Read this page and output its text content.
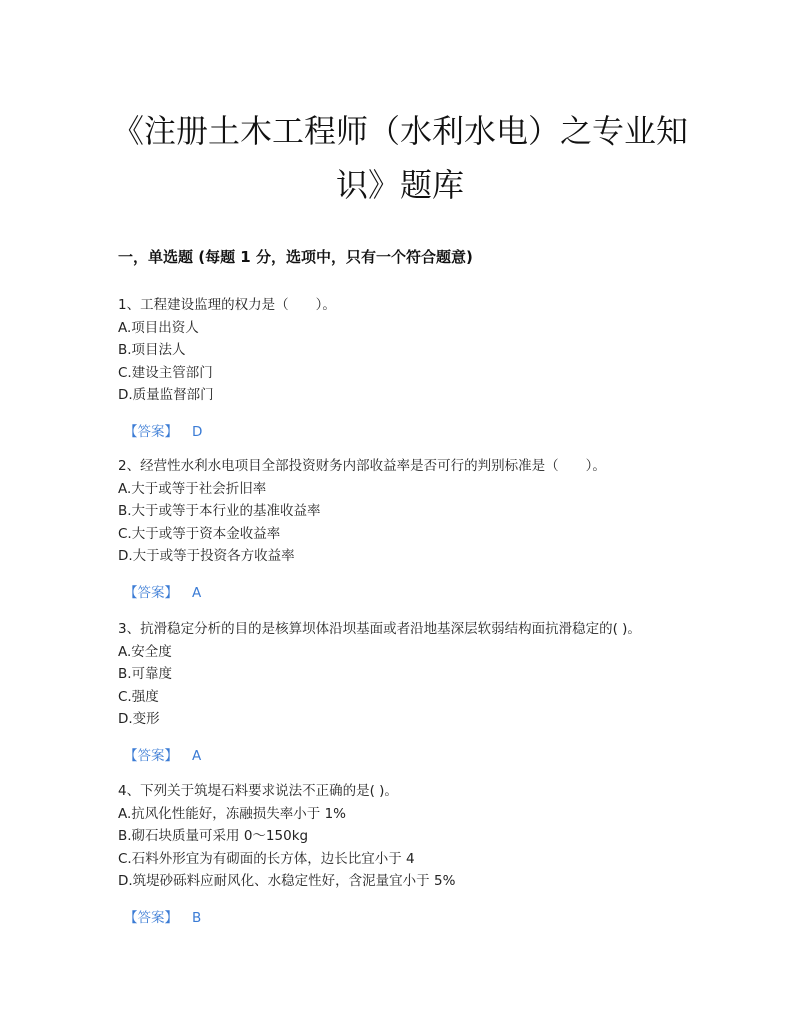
《注册土木工程师（水利水电）之专业知识》题库
一，单选题 (每题 1 分，选项中，只有一个符合题意)
1、工程建设监理的权力是（　　）。
A.项目出资人
B.项目法人
C.建设主管部门
D.质量监督部门
【答案】 D
2、经营性水利水电项目全部投资财务内部收益率是否可行的判别标准是（　　）。
A.大于或等于社会折旧率
B.大于或等于本行业的基准收益率
C.大于或等于资本金收益率
D.大于或等于投资各方收益率
【答案】 A
3、抗滑稳定分析的目的是核算坝体沿坝基面或者沿地基深层软弱结构面抗滑稳定的( )。
A.安全度
B.可靠度
C.强度
D.变形
【答案】 A
4、下列关于筑堤石料要求说法不正确的是( )。
A.抗风化性能好，冻融损失率小于 1%
B.砌石块质量可采用 0～150kg
C.石料外形宜为有砌面的长方体，边长比宜小于 4
D.筑堤砂砾料应耐风化、水稳定性好，含泥量宜小于 5%
【答案】 B
